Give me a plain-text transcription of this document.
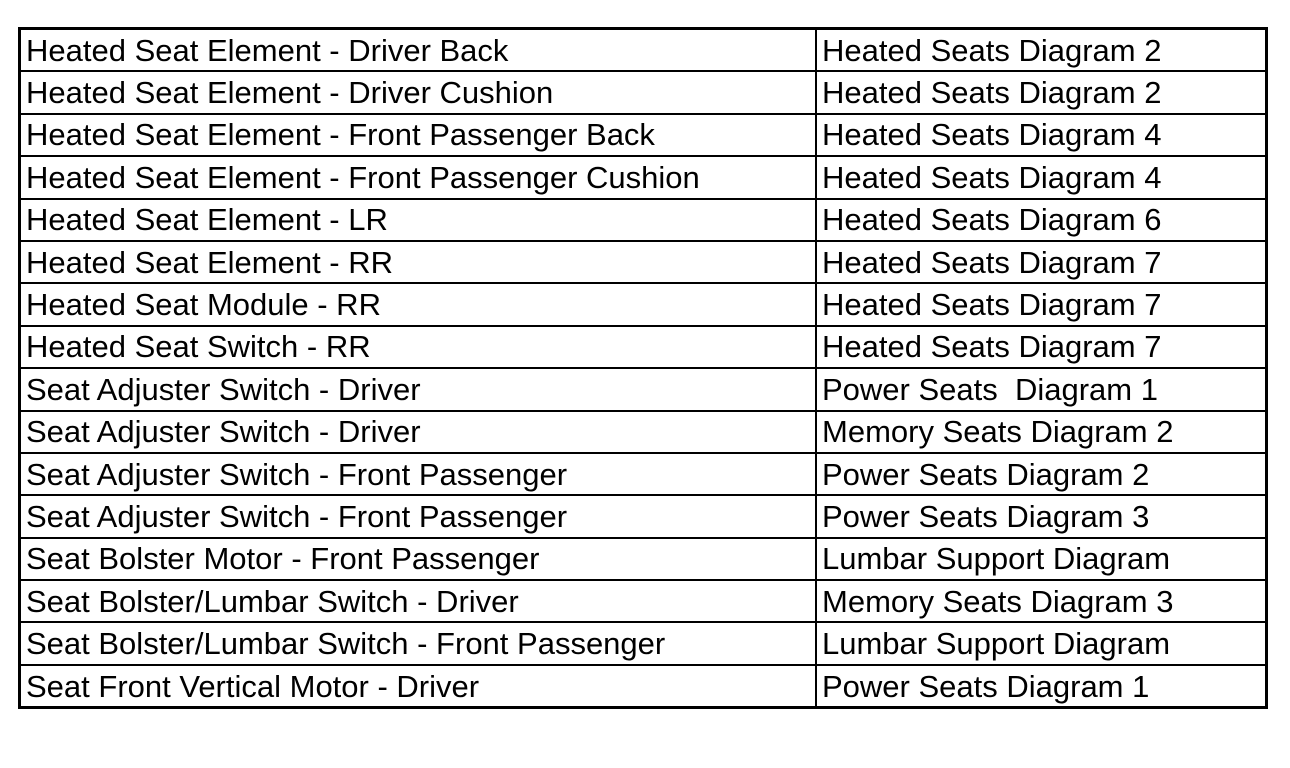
Heated Seat Element - Driver Back	Heated Seats Diagram 2
Heated Seat Element - Driver Cushion	Heated Seats Diagram 2
Heated Seat Element - Front Passenger Back	Heated Seats Diagram 4
Heated Seat Element - Front Passenger Cushion	Heated Seats Diagram 4
Heated Seat Element - LR	Heated Seats Diagram 6
Heated Seat Element - RR	Heated Seats Diagram 7
Heated Seat Module - RR	Heated Seats Diagram 7
Heated Seat Switch - RR	Heated Seats Diagram 7
Seat Adjuster Switch - Driver	Power Seats  Diagram 1
Seat Adjuster Switch - Driver	Memory Seats Diagram 2
Seat Adjuster Switch - Front Passenger	Power Seats Diagram 2
Seat Adjuster Switch - Front Passenger	Power Seats Diagram 3
Seat Bolster Motor - Front Passenger	Lumbar Support Diagram
Seat Bolster/Lumbar Switch - Driver	Memory Seats Diagram 3
Seat Bolster/Lumbar Switch - Front Passenger	Lumbar Support Diagram
Seat Front Vertical Motor - Driver	Power Seats Diagram 1
